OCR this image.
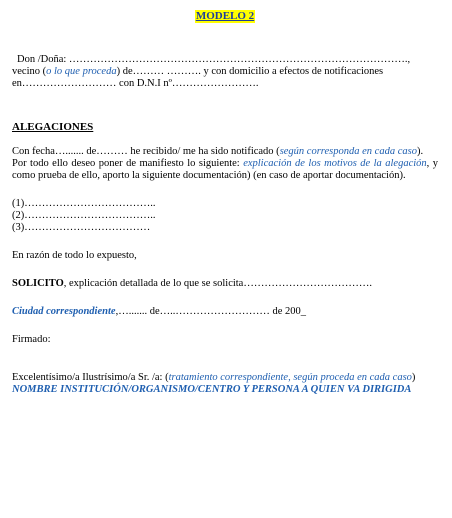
MODELO 2

Don /Doña: …………………………………………………………………………………….,

vecino (o lo que proceda) de……… ………. y con domicilio a efectos de notificaciones

en……………………… con D.N.I nº…………………….

ALEGACIONES

Con fecha…....... de……… he recibido/ me ha sido notificado (según corresponda en cada caso).

Por todo ello deseo poner de manifiesto lo siguiente: explicación de los motivos de la alegación, y como prueba de ello, aporto la siguiente documentación) (en caso de aportar documentación).

(1)………………………………..

(2)………………………………..

(3)………………………………

En razón de todo lo expuesto,

SOLICITO, explicación detallada de lo que se solicita……………………………….

Ciudad correspondiente,…....... de…..……………………… de 200_

Firmado:

Excelentísimo/a Ilustrísimo/a Sr. /a: (tratamiento correspondiente, según proceda en cada caso)

NOMBRE INSTITUCIÓN/ORGANISMO/CENTRO Y PERSONA A QUIEN VA DIRIGIDA
